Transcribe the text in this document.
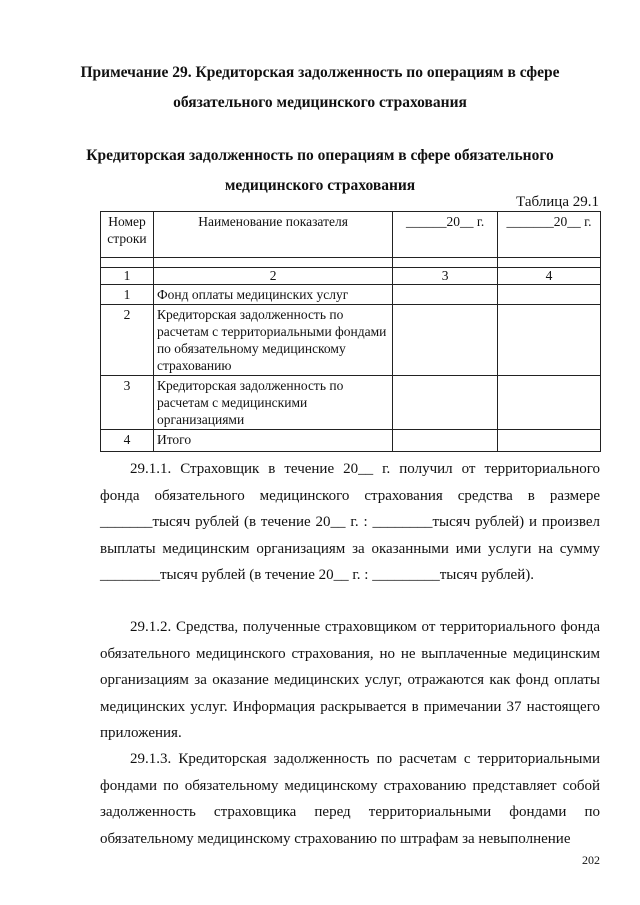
Примечание 29. Кредиторская задолженность по операциям в сфере
обязательного медицинского страхования
Кредиторская задолженность по операциям в сфере обязательного
медицинского страхования
Таблица 29.1
Номер строки	Наименование показателя	______20__ г.	_______20__ г.

1	2	3	4
1	Фонд оплаты медицинских услуг		
2	Кредиторская задолженность по расчетам с территориальными фондами по обязательному медицинскому страхованию		
3	Кредиторская задолженность по расчетам с медицинскими организациями		
4	Итого		

29.1.1. Страховщик в течение 20__ г. получил от территориального фонда обязательного медицинского страхования средства в размере _______тысяч рублей (в течение 20__ г. : ________тысяч рублей) и произвел выплаты медицинским организациям за оказанными ими услуги на сумму ________тысяч рублей (в течение 20__ г. : _________тысяч рублей).

29.1.2. Средства, полученные страховщиком от территориального фонда обязательного медицинского страхования, но не выплаченные медицинским организациям за оказание медицинских услуг, отражаются как фонд оплаты медицинских услуг. Информация раскрывается в примечании 37 настоящего приложения.

29.1.3. Кредиторская задолженность по расчетам с территориальными фондами по обязательному медицинскому страхованию представляет собой задолженность страховщика перед территориальными фондами по обязательному медицинскому страхованию по штрафам за невыполнение

202
